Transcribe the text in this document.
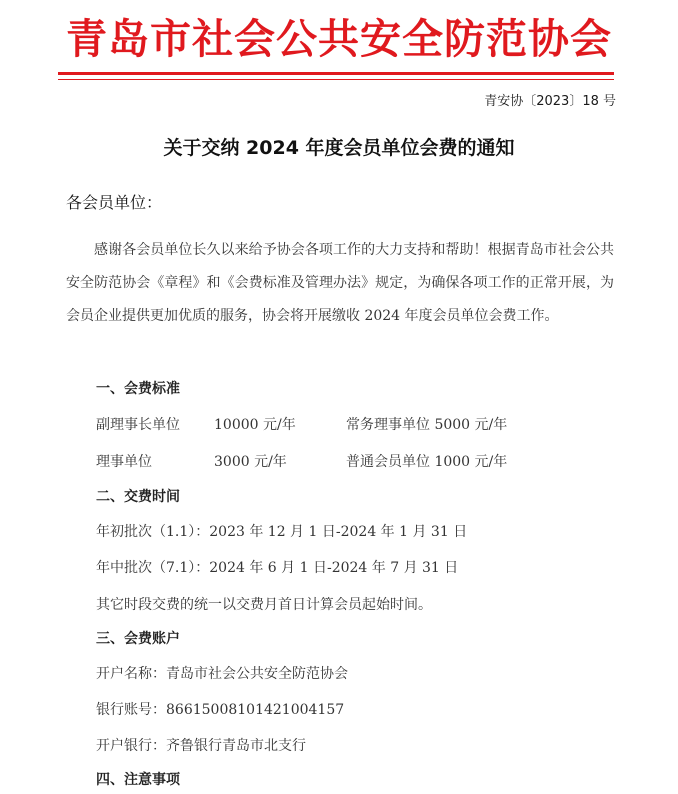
青岛市社会公共安全防范协会
青安协〔2023〕18 号
关于交纳 2024 年度会员单位会费的通知
各会员单位：
感谢各会员单位长久以来给予协会各项工作的大力支持和帮助！根据青岛市社会公共安全防范协会《章程》和《会费标准及管理办法》规定，为确保各项工作的正常开展，为会员企业提供更加优质的服务，协会将开展缴收 2024 年度会员单位会费工作。
一、会费标准
副理事长单位 10000 元/年	常务理事单位 5000 元/年
理事单位	3000 元/年	普通会员单位 1000 元/年
二、交费时间
年初批次（1.1）：2023 年 12 月 1 日-2024 年 1 月 31 日
年中批次（7.1）：2024 年 6 月 1 日-2024 年 7 月 31 日
其它时段交费的统一以交费月首日计算会员起始时间。
三、会费账户
开户名称：青岛市社会公共安全防范协会
银行账号：86615008101421004157
开户银行：齐鲁银行青岛市北支行
四、注意事项
